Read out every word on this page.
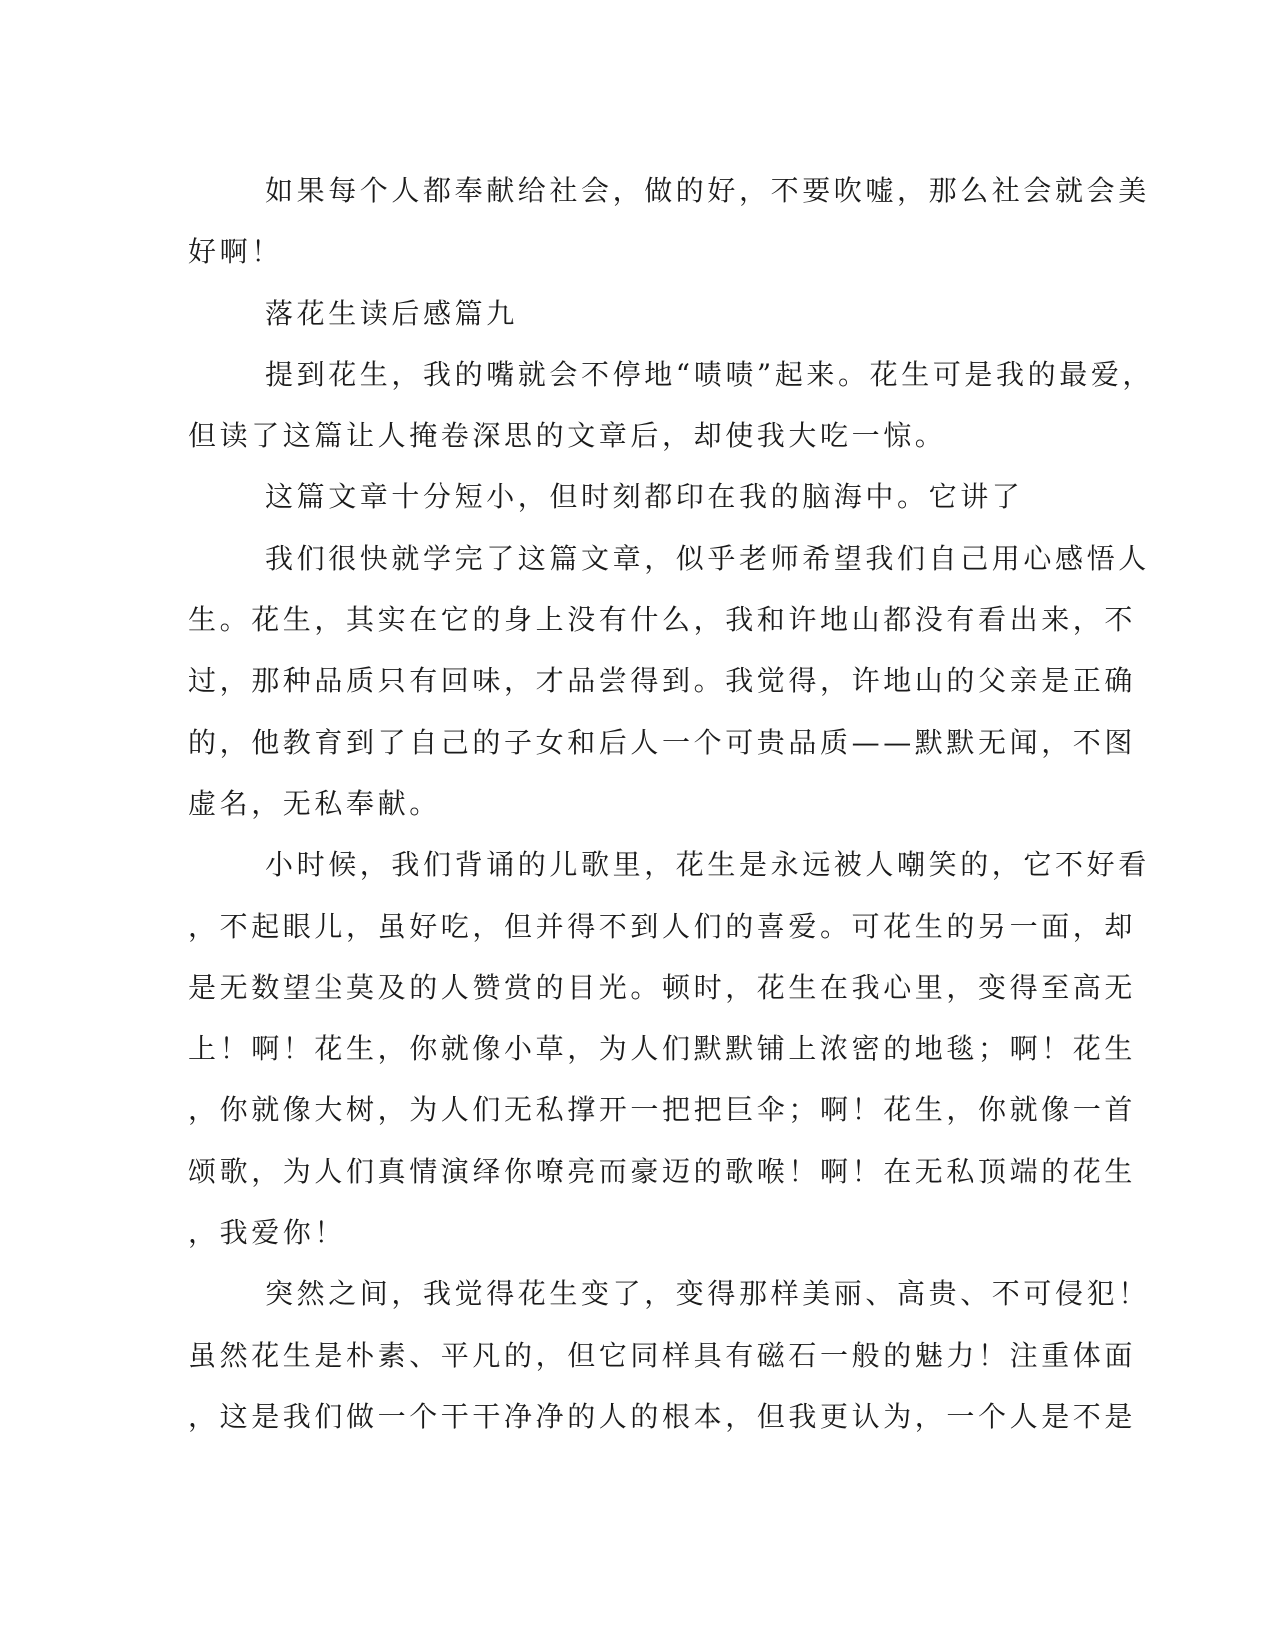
如果每个人都奉献给社会，做的好，不要吹嘘，那么社会就会美
好啊！
落花生读后感篇九
提到花生，我的嘴就会不停地“啧啧”起来。花生可是我的最爱，
但读了这篇让人掩卷深思的文章后，却使我大吃一惊。
这篇文章十分短小，但时刻都印在我的脑海中。它讲了
我们很快就学完了这篇文章，似乎老师希望我们自己用心感悟人
生。花生，其实在它的身上没有什么，我和许地山都没有看出来，不
过，那种品质只有回味，才品尝得到。我觉得，许地山的父亲是正确
的，他教育到了自己的子女和后人一个可贵品质——默默无闻，不图
虚名，无私奉献。
小时候，我们背诵的儿歌里，花生是永远被人嘲笑的，它不好看
，不起眼儿，虽好吃，但并得不到人们的喜爱。可花生的另一面，却
是无数望尘莫及的人赞赏的目光。顿时，花生在我心里，变得至高无
上！啊！花生，你就像小草，为人们默默铺上浓密的地毯；啊！花生
，你就像大树，为人们无私撑开一把把巨伞；啊！花生，你就像一首
颂歌，为人们真情演绎你嘹亮而豪迈的歌喉！啊！在无私顶端的花生
，我爱你！
突然之间，我觉得花生变了，变得那样美丽、高贵、不可侵犯！
虽然花生是朴素、平凡的，但它同样具有磁石一般的魅力！注重体面
，这是我们做一个干干净净的人的根本，但我更认为，一个人是不是
